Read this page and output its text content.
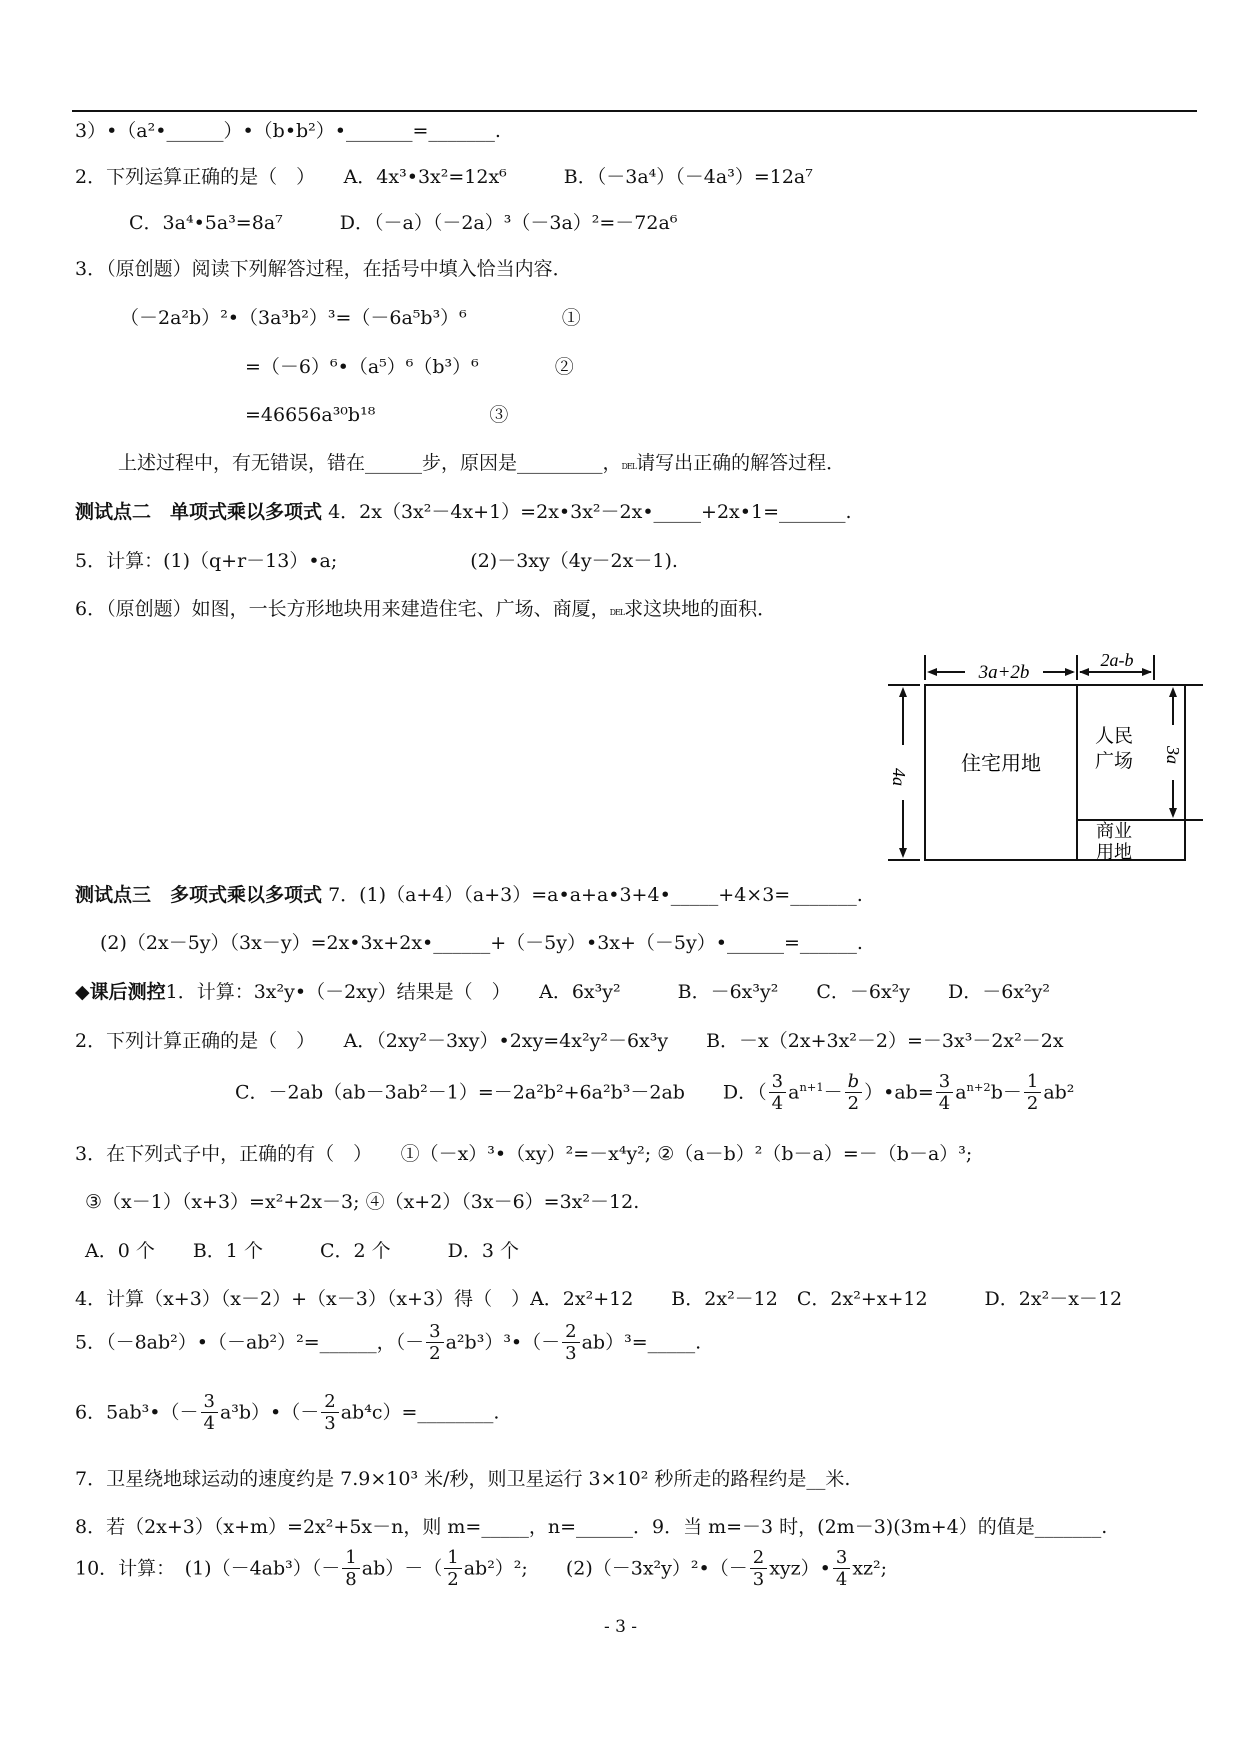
3）•（a²•______）•（b•b²）•_______=_______.
2．下列运算正确的是（　）　　A．4x³•3x²=12x⁶　　　B．（－3a⁴）（－4a³）=12a⁷
　C．3a⁴•5a³=8a⁷　　　D．（－a）（－2a）³（－3a）²=－72a⁶
3．（原创题）阅读下列解答过程，在括号中填入恰当内容．
（－2a²b）²•（3a³b²）³=（－6a⁵b³）⁶　　　　　①
=（－6）⁶•（a⁵）⁶（b³）⁶　　　　②
=46656a³⁰b¹⁸　　　　　　③
上述过程中，有无错误，错在______步，原因是_________，DEL请写出正确的解答过程．
测试点二　单项式乘以多项式 4．2x（3x²－4x+1）=2x•3x²－2x•_____+2x•1=_______.
5．计算：(1)（q+r－13）•a;　　　　　　　(2)－3xy（4y－2x－1).
6．（原创题）如图，一长方形地块用来建造住宅、广场、商厦，DEL求这块地的面积．
3a+2b
2a-b
4a
3a
住宅用地
人民
广场
商业
用地
测试点三　多项式乘以多项式 7．(1)（a+4）（a+3）=a•a+a•3+4•_____+4×3=_______.
(2)（2x－5y）（3x－y）=2x•3x+2x•______+（－5y）•3x+（－5y）•______=______.
◆课后测控1．计算：3x²y•（－2xy）结果是（　）　　A．6x³y²　　　B．－6x³y²　　C．－6x²y　　D．－6x²y²
2．下列计算正确的是（　）　　A．（2xy²－3xy）•2xy=4x²y²－6x³y　　B．－x（2x+3x²－2）=－3x³－2x²－2x
C．－2ab（ab－3ab²－1）=－2a²b²+6a²b³－2ab　　D．（ $\frac{3}{4} a^{n+1}- \frac{b}{2}$ ）•ab= $\frac{3}{4} a^{n+2}b- \frac{1}{2} ab^2$
3．在下列式子中，正确的有（　）　　①（－x）³•（xy）²=－x⁴y²; ②（a－b）²（b－a）=－（b－a）³;
③（x－1）（x+3）=x²+2x－3; ④（x+2）（3x－6）=3x²－12.
A．0 个　　B．1 个　　　C．2 个　　　D．3 个
4．计算（x+3）（x－2）+（x－3）（x+3）得（　）A．2x²+12　　B．2x²－12　C．2x²+x+12　　　D．2x²－x－12
5．（－8ab²）•（－ab²）²=______，（－ $\frac{3}{2}$ a²b³）³•（－ $\frac{2}{3}$ ab）³=_____.
6．5ab³•（－ $\frac{3}{4}$ a³b）•（－ $\frac{2}{3}$ ab⁴c）=________.
7．卫星绕地球运动的速度约是 7.9×10³ 米/秒，则卫星运行 3×10² 秒所走的路程约是__米.
8．若（2x+3）（x+m）=2x²+5x－n，则 m=_____，n=______．9．当 m=－3 时，(2m－3)(3m+4）的值是_______.
10．计算：　$(1)(-4ab^3)(- \frac{1}{8} ab)-( \frac{1}{2} ab^2)^2$;　　(2)（－3x²y）²•（－ $\frac{2}{3}$ xyz）• $\frac{3}{4} xz^2$;
- 3 -
